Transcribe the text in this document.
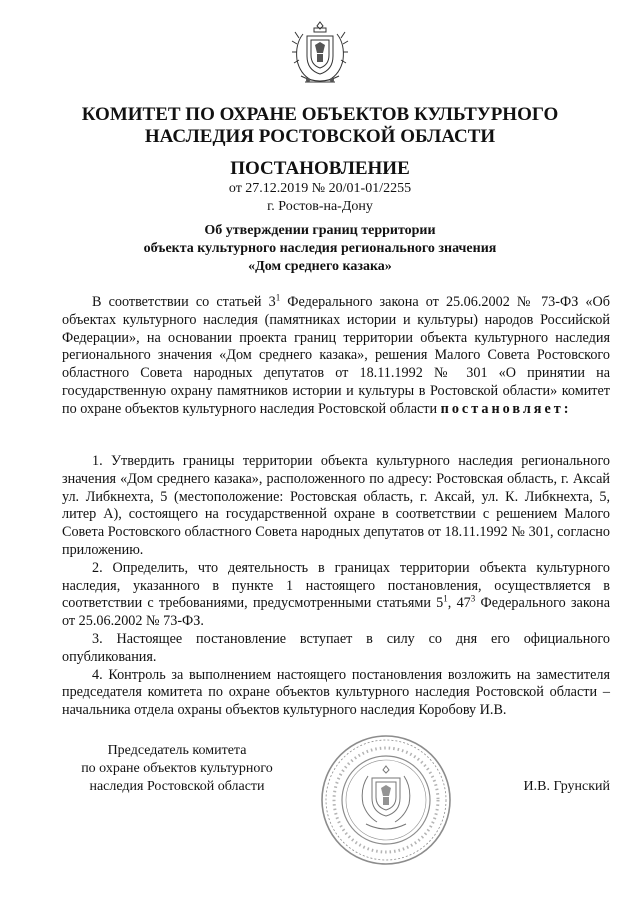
КОМИТЕТ ПО ОХРАНЕ ОБЪЕКТОВ КУЛЬТУРНОГО
НАСЛЕДИЯ РОСТОВСКОЙ ОБЛАСТИ
ПОСТАНОВЛЕНИЕ
от 27.12.2019 № 20/01-01/2255
г. Ростов-на-Дону
Об утверждении границ территории
объекта культурного наследия регионального значения
«Дом среднего казака»

В соответствии со статьей $3^1$ Федерального закона от 25.06.2002 № 73-ФЗ «Об объектах культурного наследия (памятниках истории и культуры) народов Российской Федерации», на основании проекта границ территории объекта культурного наследия регионального значения «Дом среднего казака», решения Малого Совета Ростовского областного Совета народных депутатов от 18.11.1992 № 301 «О принятии на государственную охрану памятников истории и культуры в Ростовской области» комитет по охране объектов культурного наследия Ростовской области постановляет:

1. Утвердить границы территории объекта культурного наследия регионального значения «Дом среднего казака», расположенного по адресу: Ростовская область, г. Аксай ул. Либкнехта, 5 (местоположение: Ростовская область, г. Аксай, ул. К. Либкнехта, 5, литер А), состоящего на государственной охране в соответствии с решением Малого Совета Ростовского областного Совета народных депутатов от 18.11.1992 № 301, согласно приложению.

2. Определить, что деятельность в границах территории объекта культурного наследия, указанного в пункте 1 настоящего постановления, осуществляется в соответствии с требованиями, предусмотренными статьями $5^1$, $47^3$ Федерального закона от 25.06.2002 № 73-ФЗ.

3. Настоящее постановление вступает в силу со дня его официального опубликования.

4. Контроль за выполнением настоящего постановления возложить на заместителя председателя комитета по охране объектов культурного наследия Ростовской области – начальника отдела охраны объектов культурного наследия Коробову И.В.

Председатель комитета
по охране объектов культурного
наследия Ростовской области	И.В. Грунский
